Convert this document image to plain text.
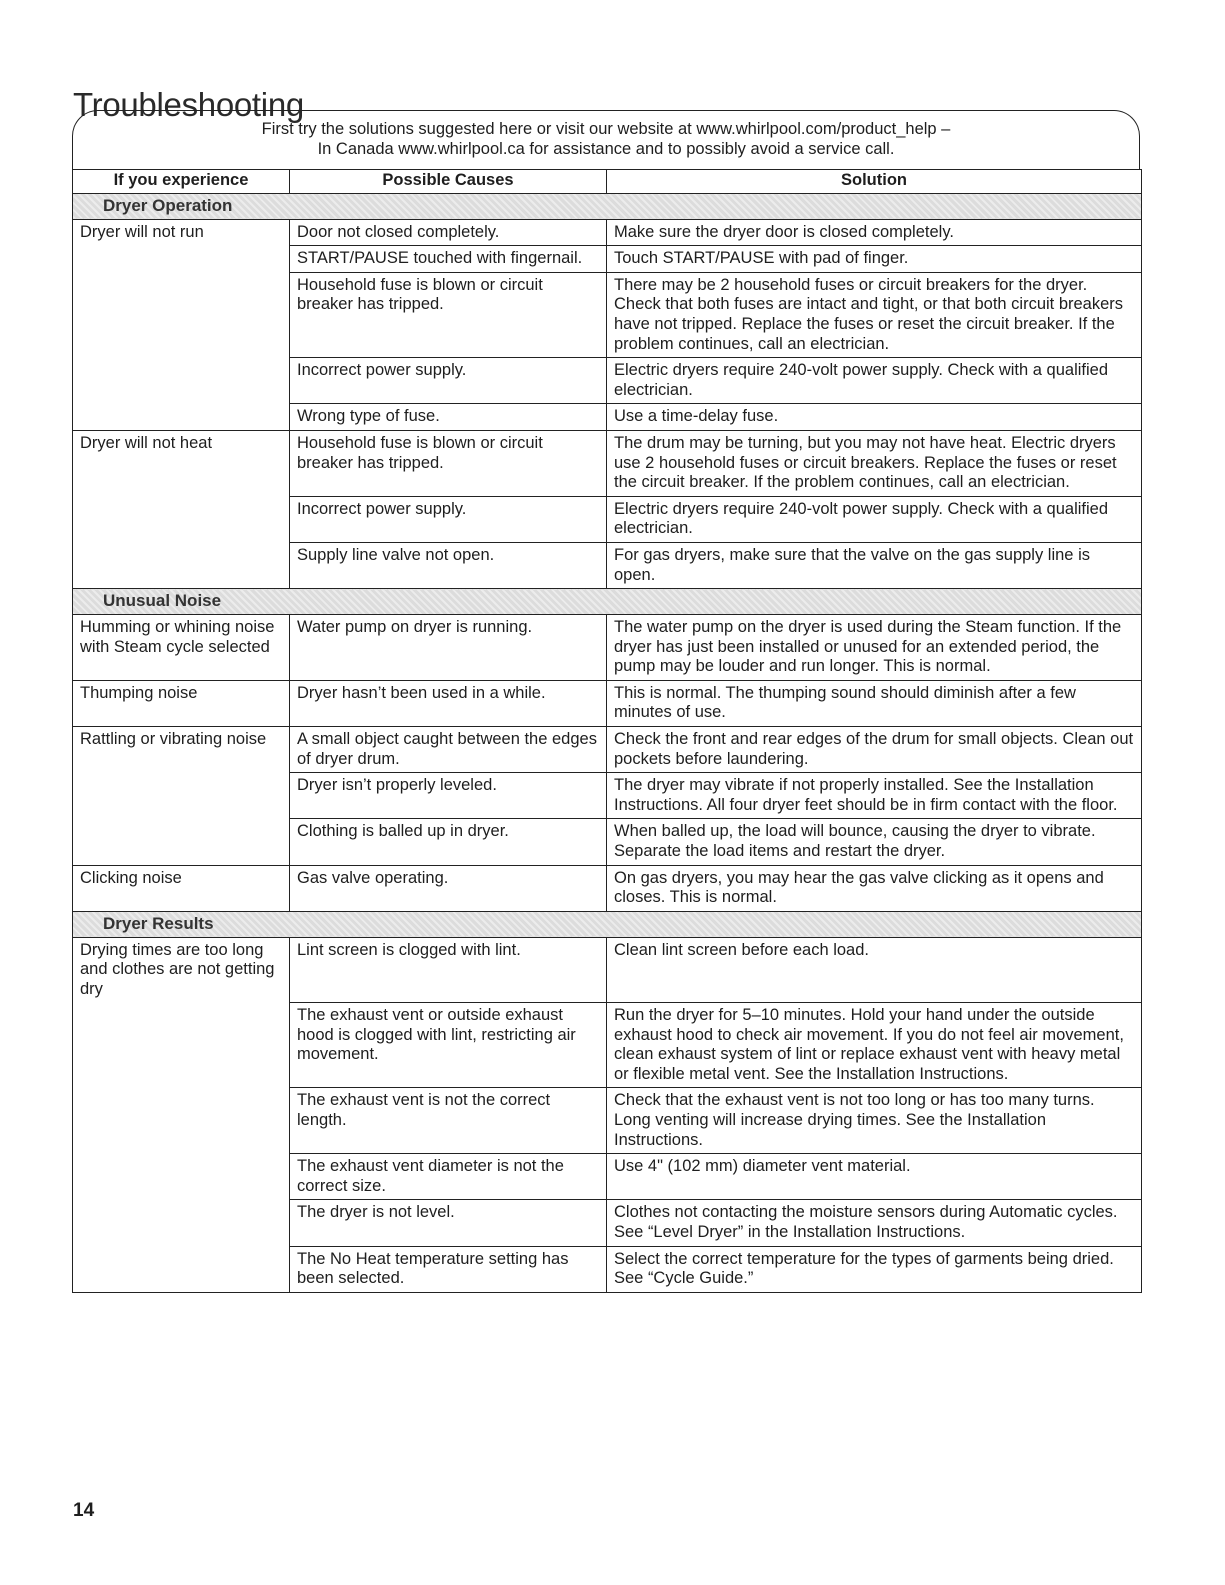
Troubleshooting
First try the solutions suggested here or visit our website at www.whirlpool.com/product_help –
In Canada www.whirlpool.ca for assistance and to possibly avoid a service call.
If you experience	Possible Causes	Solution
Dryer Operation		
Dryer will not run	Door not closed completely.	Make sure the dryer door is closed completely.
	START/PAUSE touched with fingernail.	Touch START/PAUSE with pad of finger.
	Household fuse is blown or circuit breaker has tripped.	There may be 2 household fuses or circuit breakers for the dryer. Check that both fuses are intact and tight, or that both circuit breakers have not tripped. Replace the fuses or reset the circuit breaker. If the problem continues, call an electrician.
	Incorrect power supply.	Electric dryers require 240-volt power supply. Check with a qualified electrician.
	Wrong type of fuse.	Use a time-delay fuse.
Dryer will not heat	Household fuse is blown or circuit breaker has tripped.	The drum may be turning, but you may not have heat. Electric dryers use 2 household fuses or circuit breakers. Replace the fuses or reset the circuit breaker. If the problem continues, call an electrician.
	Incorrect power supply.	Electric dryers require 240-volt power supply. Check with a qualified electrician.
	Supply line valve not open.	For gas dryers, make sure that the valve on the gas supply line is open.
Unusual Noise		
Humming or whining noise with Steam cycle selected	Water pump on dryer is running.	The water pump on the dryer is used during the Steam function. If the dryer has just been installed or unused for an extended period, the pump may be louder and run longer. This is normal.
Thumping noise	Dryer hasn’t been used in a while.	This is normal. The thumping sound should diminish after a few minutes of use.
Rattling or vibrating noise	A small object caught between the edges of dryer drum.	Check the front and rear edges of the drum for small objects. Clean out pockets before laundering.
	Dryer isn’t properly leveled.	The dryer may vibrate if not properly installed. See the Installation Instructions. All four dryer feet should be in firm contact with the floor.
	Clothing is balled up in dryer.	When balled up, the load will bounce, causing the dryer to vibrate. Separate the load items and restart the dryer.
Clicking noise	Gas valve operating.	On gas dryers, you may hear the gas valve clicking as it opens and closes. This is normal.
Dryer Results		
Drying times are too long and clothes are not getting dry	Lint screen is clogged with lint.	Clean lint screen before each load.
	The exhaust vent or outside exhaust hood is clogged with lint, restricting air movement.	Run the dryer for 5–10 minutes. Hold your hand under the outside exhaust hood to check air movement. If you do not feel air movement, clean exhaust system of lint or replace exhaust vent with heavy metal or flexible metal vent. See the Installation Instructions.
	The exhaust vent is not the correct length.	Check that the exhaust vent is not too long or has too many turns. Long venting will increase drying times. See the Installation Instructions.
	The exhaust vent diameter is not the correct size.	Use 4" (102 mm) diameter vent material.
	The dryer is not level.	Clothes not contacting the moisture sensors during Automatic cycles. See “Level Dryer” in the Installation Instructions.
	The No Heat temperature setting has been selected.	Select the correct temperature for the types of garments being dried. See “Cycle Guide.”
14
